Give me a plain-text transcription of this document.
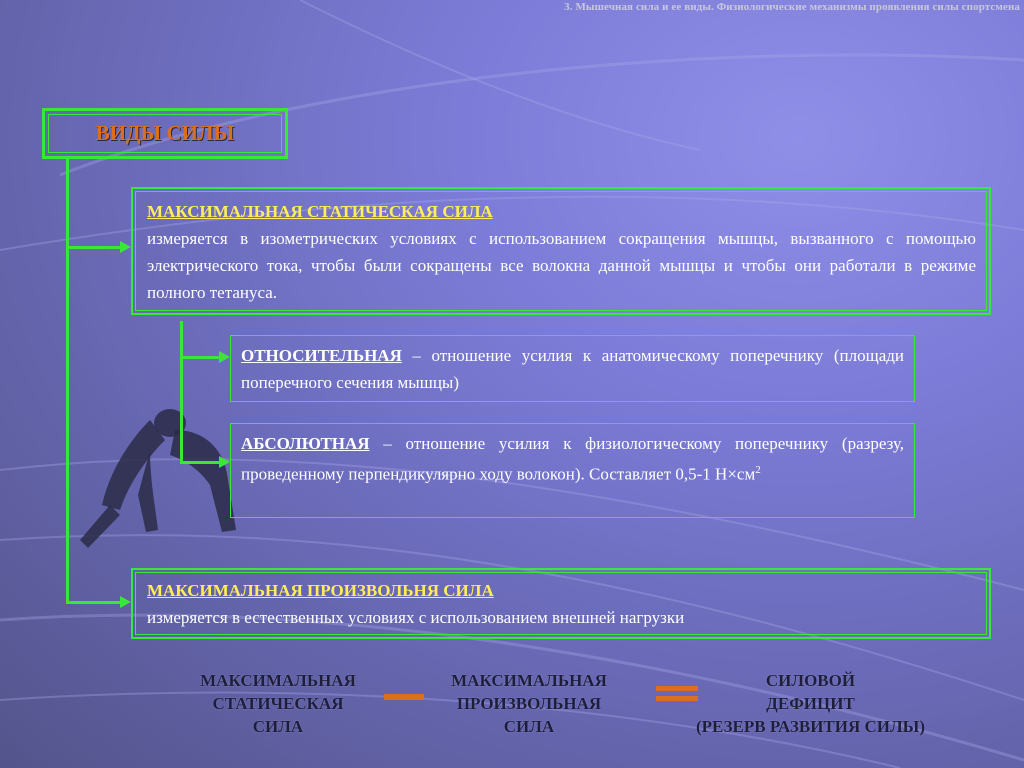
3. Мышечная сила и ее виды. Физиологические механизмы проявления силы спортсмена
ВИДЫ СИЛЫ
МАКСИМАЛЬНАЯ СТАТИЧЕСКАЯ СИЛА
измеряется в изометрических условиях с использованием сокращения мышцы, вызванного с помощью электрического тока, чтобы были сокращены все волокна данной мышцы и чтобы они работали в режиме полного тетануса.
ОТНОСИТЕЛЬНАЯ – отношение усилия к анатомическому поперечнику (площади поперечного сечения мышцы)
АБСОЛЮТНАЯ – отношение усилия к физиологическому поперечнику (разрезу, проведенному перпендикулярно ходу волокон). Составляет 0,5-1 $Н\times см^2$
МАКСИМАЛЬНАЯ ПРОИЗВОЛЬНЯ СИЛА
измеряется в естественных условиях с использованием внешней нагрузки
МАКСИМАЛЬНАЯ
СТАТИЧЕСКАЯ
СИЛА
МАКСИМАЛЬНАЯ
ПРОИЗВОЛЬНАЯ
СИЛА
СИЛОВОЙ
ДЕФИЦИТ
(РЕЗЕРВ РАЗВИТИЯ СИЛЫ)
